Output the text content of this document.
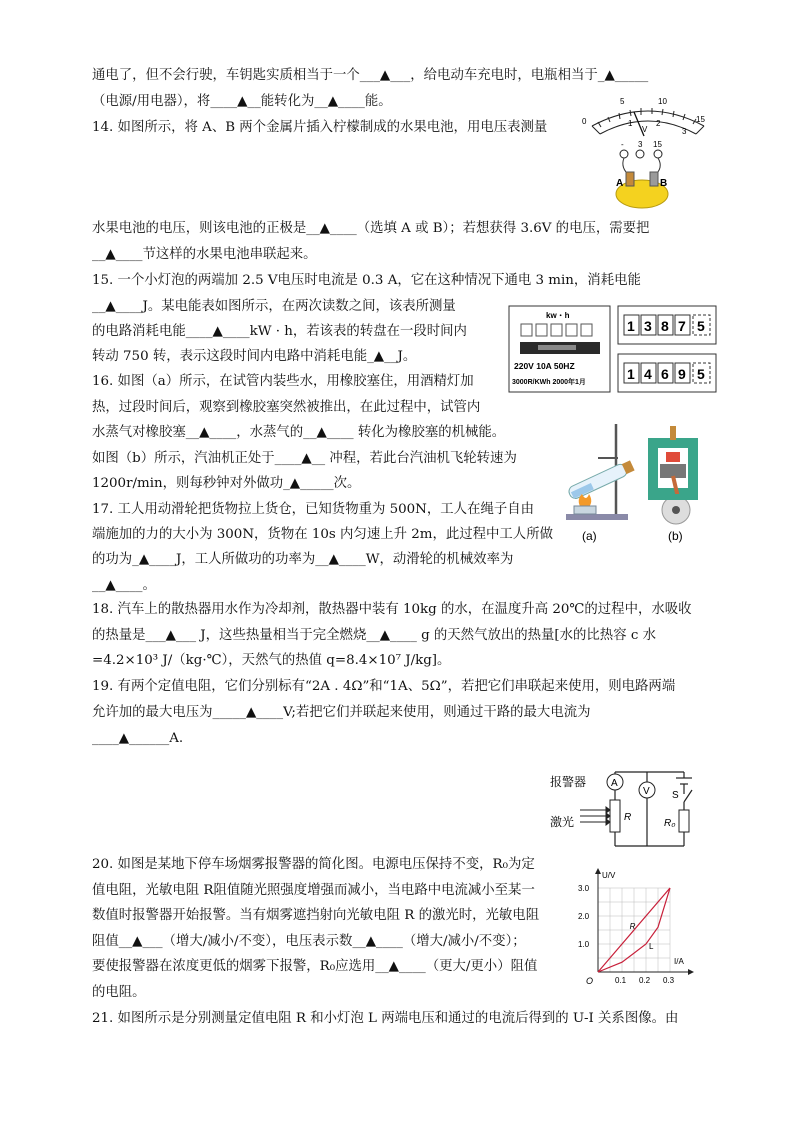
通电了，但不会行驶，车钥匙实质相当于一个___▲___，给电动车充电时，电瓶相当于_▲_____
（电源/用电器），将____▲__能转化为__▲____能。
14. 如图所示，将 A、B 两个金属片插入柠檬制成的水果电池，用电压表测量
水果电池的电压，则该电池的正极是__▲____（选填 A 或 B）；若想获得 3.6V 的电压，需要把
__▲____节这样的水果电池串联起来。
15. 一个小灯泡的两端加 2.5 V电压时电流是 0.3 A，它在这种情况下通电 3 min，消耗电能
__▲____J。某电能表如图所示，在两次读数之间，该表所测量
的电路消耗电能____▲____kW · h，若该表的转盘在一段时间内
转动 750 转，表示这段时间内电路中消耗电能_▲__J。
16. 如图（a）所示，在试管内装些水，用橡胶塞住，用酒精灯加
热，过段时间后，观察到橡胶塞突然被推出，在此过程中，试管内
水蒸气对橡胶塞__▲____，水蒸气的__▲____ 转化为橡胶塞的机械能。
如图（b）所示，汽油机正处于____▲__ 冲程，若此台汽油机飞轮转速为
1200r/min，则每秒钟对外做功_▲_____次。
17. 工人用动滑轮把货物拉上货仓，已知货物重为 500N，工人在绳子自由
端施加的力的大小为 300N，货物在 10s 内匀速上升 2m，此过程中工人所做
的功为_▲____J，工人所做功的功率为__▲____W，动滑轮的机械效率为
__▲____。
18. 汽车上的散热器用水作为冷却剂，散热器中装有 10kg 的水，在温度升高 20℃的过程中，水吸收
的热量是___▲___ J，这些热量相当于完全燃烧__▲____ g 的天然气放出的热量[水的比热容 c 水
=4.2×10³ J/（kg·℃），天然气的热值 q=8.4×10⁷ J/kg]。
19. 有两个定值电阻，它们分别标有“2A . 4Ω”和“1A、5Ω”，若把它们串联起来使用，则电路两端
允许加的最大电压为_____▲____V;若把它们并联起来使用，则通过干路的最大电流为
____▲______A.
20. 如图是某地下停车场烟雾报警器的简化图。电源电压保持不变，R₀为定
值电阻，光敏电阻 R阻值随光照强度增强而减小，当电路中电流减小至某一
数值时报警器开始报警。当有烟雾遮挡射向光敏电阻 R 的激光时，光敏电阻
阻值__▲___（增大/减小/不变），电压表示数__▲____（增大/减小/不变）；
要使报警器在浓度更低的烟雾下报警，R₀应选用__▲____（更大/更小）阻值
的电阻。
21. 如图所示是分别测量定值电阻 R 和小灯泡 L 两端电压和通过的电流后得到的 U-I 关系图像。由
5	10
15
0	1	2
3
V
- 3 15
A	B
kw・h
220V 10A 50HZ
3000R/KWh 2000年1月
1 3 8 7 5
1 4 6 9 5
(a)	(b)
A
V
R
R₀
S
报警器
激光
U/V
I/A
O	0.1 0.2 0.3
1.0
2.0
3.0
R
L
